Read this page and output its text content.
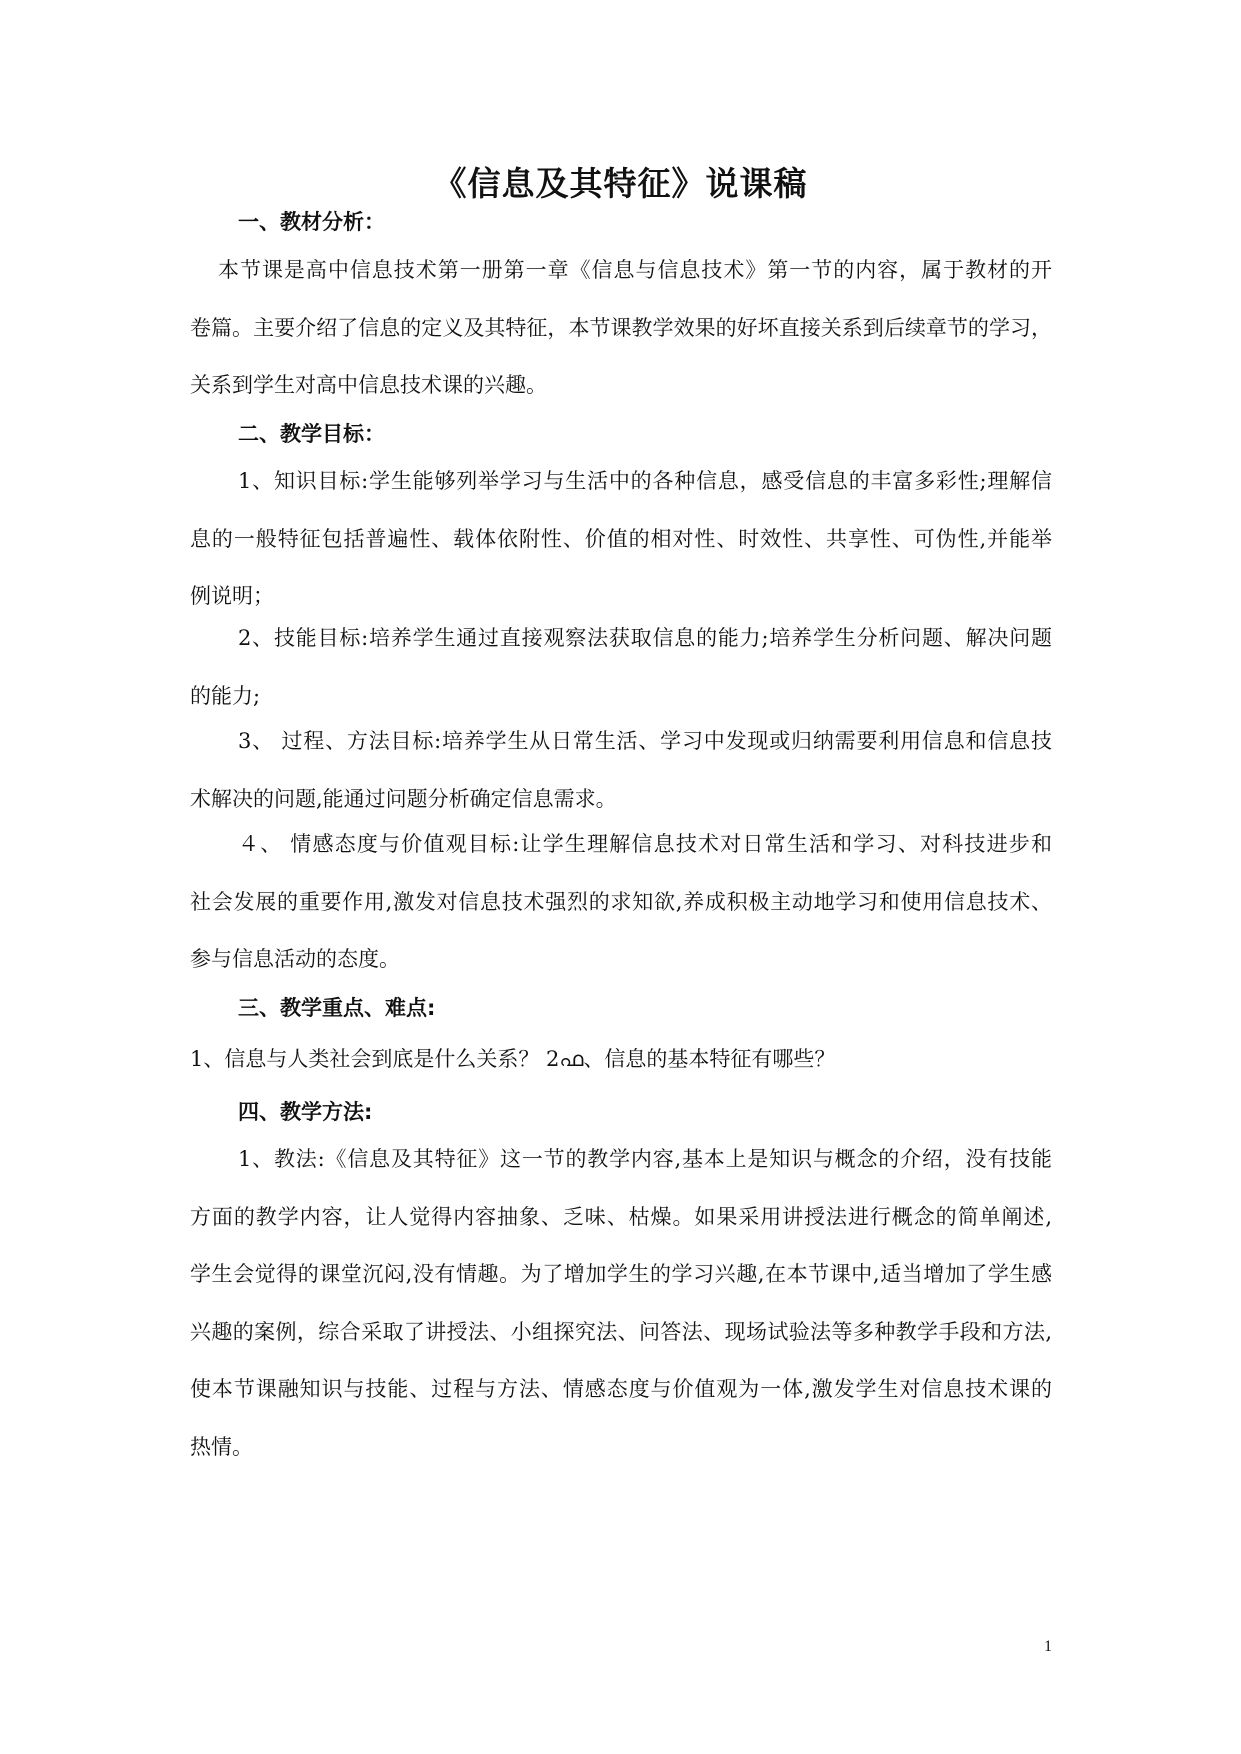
《信息及其特征》说课稿
一、教材分析：
本节课是高中信息技术第一册第一章《信息与信息技术》第一节的内容，属于教材的开
卷篇。主要介绍了信息的定义及其特征，本节课教学效果的好坏直接关系到后续章节的学习，
关系到学生对高中信息技术课的兴趣。
二、教学目标：
1、知识目标:学生能够列举学习与生活中的各种信息，感受信息的丰富多彩性;理解信
息的一般特征包括普遍性、载体依附性、价值的相对性、时效性、共享性、可伪性,并能举
例说明；
2、技能目标:培养学生通过直接观察法获取信息的能力;培养学生分析问题、解决问题
的能力;
3、 过程、方法目标:培养学生从日常生活、学习中发现或归纳需要利用信息和信息技
术解决的问题,能通过问题分析确定信息需求。
４、 情感态度与价值观目标:让学生理解信息技术对日常生活和学习、对科技进步和
社会发展的重要作用,激发对信息技术强烈的求知欲,养成积极主动地学习和使用信息技术、
参与信息活动的态度。
三、教学重点、难点:
1、信息与人类社会到底是什么关系？ 2ഫ、信息的基本特征有哪些？
四、教学方法:
1、教法:《信息及其特征》这一节的教学内容,基本上是知识与概念的介绍，没有技能
方面的教学内容，让人觉得内容抽象、乏味、枯燥。如果采用讲授法进行概念的简单阐述,
学生会觉得的课堂沉闷,没有情趣。为了增加学生的学习兴趣,在本节课中,适当增加了学生感
兴趣的案例，综合采取了讲授法、小组探究法、问答法、现场试验法等多种教学手段和方法,
使本节课融知识与技能、过程与方法、情感态度与价值观为一体,激发学生对信息技术课的
热情。
1
